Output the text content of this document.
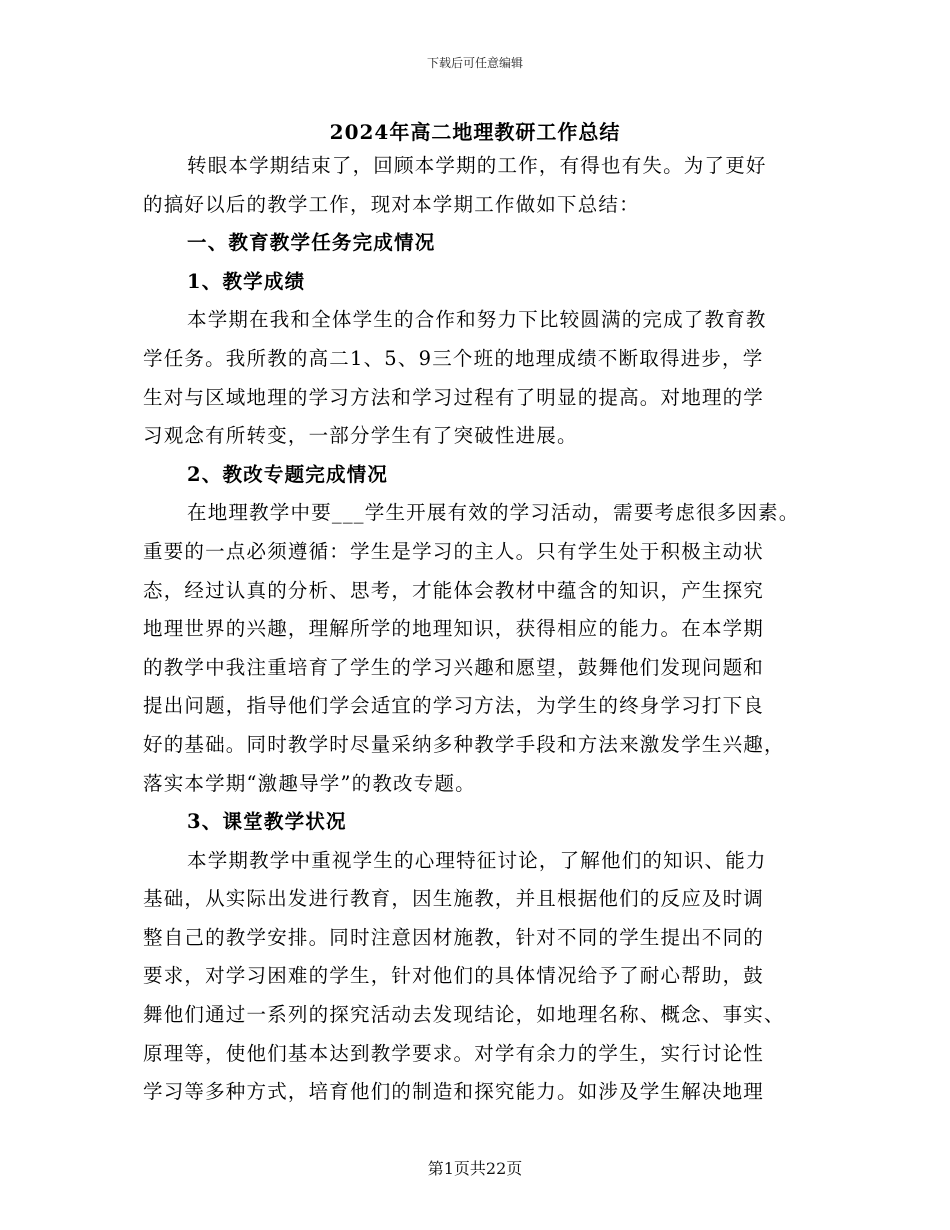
下载后可任意编辑
2024年高二地理教研工作总结
转眼本学期结束了，回顾本学期的工作，有得也有失。为了更好
的搞好以后的教学工作，现对本学期工作做如下总结：
一、教育教学任务完成情况
1、教学成绩
本学期在我和全体学生的合作和努力下比较圆满的完成了教育教
学任务。我所教的高二1、5、9三个班的地理成绩不断取得进步，学
生对与区域地理的学习方法和学习过程有了明显的提高。对地理的学
习观念有所转变，一部分学生有了突破性进展。
2、教改专题完成情况
在地理教学中要___学生开展有效的学习活动，需要考虑很多因素。
重要的一点必须遵循：学生是学习的主人。只有学生处于积极主动状
态，经过认真的分析、思考，才能体会教材中蕴含的知识，产生探究
地理世界的兴趣，理解所学的地理知识，获得相应的能力。在本学期
的教学中我注重培育了学生的学习兴趣和愿望，鼓舞他们发现问题和
提出问题，指导他们学会适宜的学习方法，为学生的终身学习打下良
好的基础。同时教学时尽量采纳多种教学手段和方法来激发学生兴趣，
落实本学期“激趣导学”的教改专题。
3、课堂教学状况
本学期教学中重视学生的心理特征讨论，了解他们的知识、能力
基础，从实际出发进行教育，因生施教，并且根据他们的反应及时调
整自己的教学安排。同时注意因材施教，针对不同的学生提出不同的
要求，对学习困难的学生，针对他们的具体情况给予了耐心帮助，鼓
舞他们通过一系列的探究活动去发现结论，如地理名称、概念、事实、
原理等，使他们基本达到教学要求。对学有余力的学生，实行讨论性
学习等多种方式，培育他们的制造和探究能力。如涉及学生解决地理
第1页共22页
